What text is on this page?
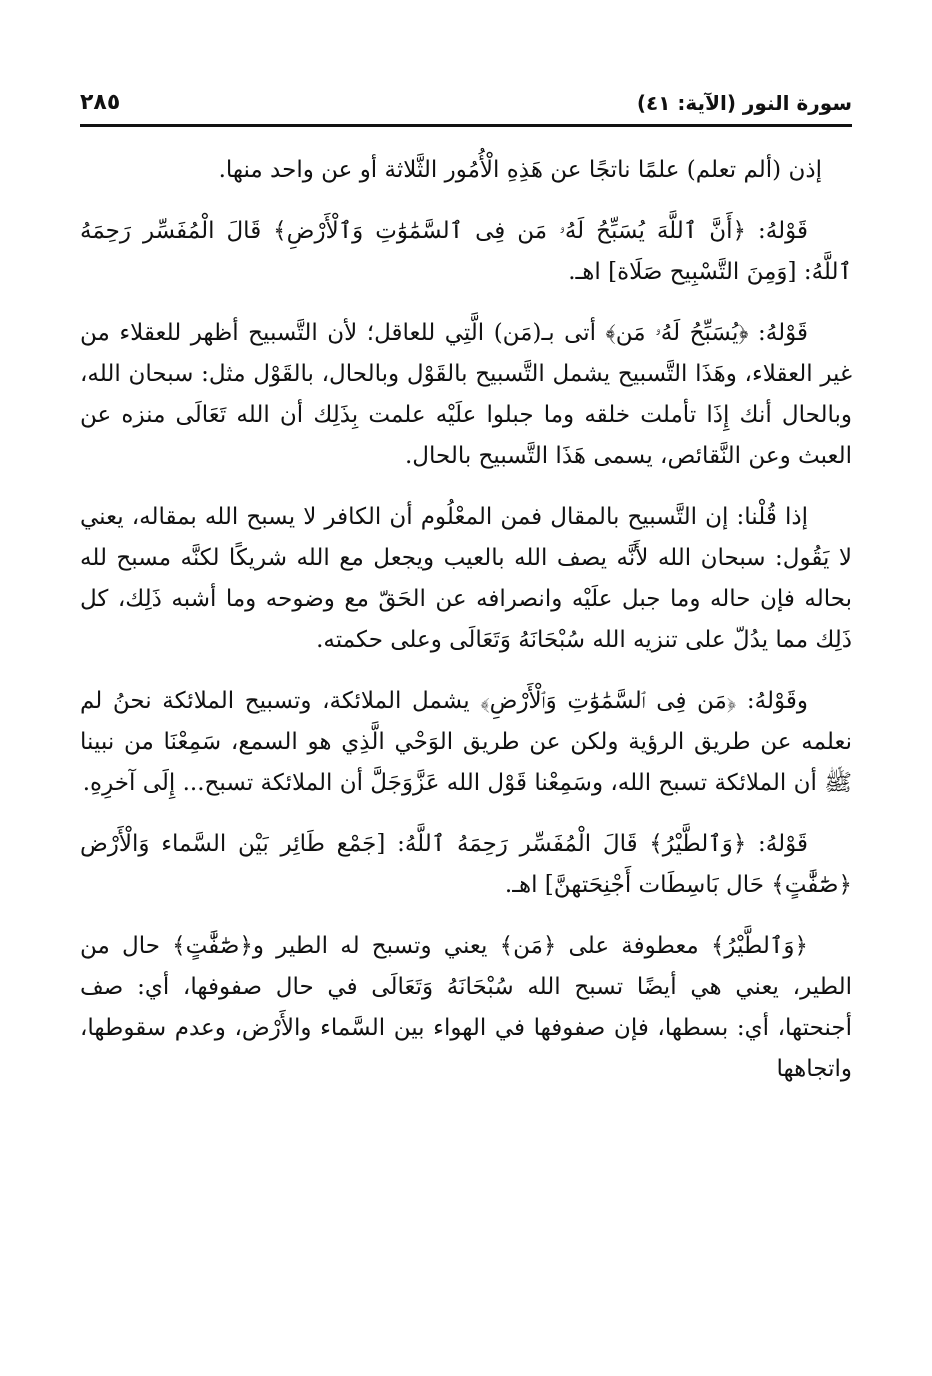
٢٨٥	سورة النور (الآية: ٤١)

إذن (ألم تعلم) علمًا ناتجًا عن هَذِهِ الْأُمُور الثَّلاثة أو عن واحد منها.

قَوْلهُ: ﴿أَنَّ ٱللَّهَ يُسَبِّحُ لَهُۥ مَن فِى ٱلسَّمَٰوَٰتِ وَٱلْأَرْضِ﴾ قَالَ الْمُفَسِّر رَحِمَهُ ٱللَّهُ: [وَمِنَ التَّسْبِيح صَلَاة] اهـ.

قَوْلهُ: ﴿يُسَبِّحُ لَهُۥ مَن﴾ أتى بـ(مَن) الَّتِي للعاقل؛ لأن التَّسبيح أظهر للعقلاء من غير العقلاء، وهَذَا التَّسبيح يشمل التَّسبيح بالقَوْل وبالحال، بالقَوْل مثل: سبحان الله، وبالحال أنك إِذَا تأملت خلقه وما جبلوا علَيْه علمت بِذَلِك أن الله تَعَالَى منزه عن العبث وعن النَّقائص، يسمى هَذَا التَّسبيح بالحال.

إذا قُلْنا: إن التَّسبيح بالمقال فمن المعْلُوم أن الكافر لا يسبح الله بمقاله، يعني لا يَقُول: سبحان الله لأَنَّه يصف الله بالعيب ويجعل مع الله شريكًا لكنَّه مسبح لله بحاله فإن حاله وما جبل علَيْه وانصرافه عن الحَقّ مع وضوحه وما أشبه ذَلِك، كل ذَلِك مما يدُلّ على تنزيه الله سُبْحَانَهُ وَتَعَالَى وعلى حكمته.

وقَوْلهُ: ﴿مَن فِى ٱلسَّمَٰوَٰتِ وَٱلْأَرْضِ﴾ يشمل الملائكة، وتسبيح الملائكة نحنُ لم نعلمه عن طريق الرؤية ولكن عن طريق الوَحْي الَّذِي هو السمع، سَمِعْنَا من نبينا ﷺ أن الملائكة تسبح الله، وسَمِعْنا قَوْل الله عَزَّوَجَلَّ أن الملائكة تسبح... إِلَى آخرِهِ.

قَوْلهُ: ﴿وَٱلطَّيْرُ﴾ قَالَ الْمُفَسِّر رَحِمَهُ ٱللَّهُ: [جَمْع طَائِر بَيْن السَّماء وَالْأَرْض ﴿صَٰٓفَّٰتٍ﴾ حَال بَاسِطَات أَجْنِحَتهنَّ] اهـ.

﴿وَٱلطَّيْرُ﴾ معطوفة على ﴿مَن﴾ يعني وتسبح له الطير و﴿صَٰٓفَّٰتٍ﴾ حال من الطير، يعني هي أيضًا تسبح الله سُبْحَانَهُ وَتَعَالَى في حال صفوفها، أي: صف أجنحتها، أي: بسطها، فإن صفوفها في الهواء بين السَّماء والأَرْض، وعدم سقوطها، واتجاهها
